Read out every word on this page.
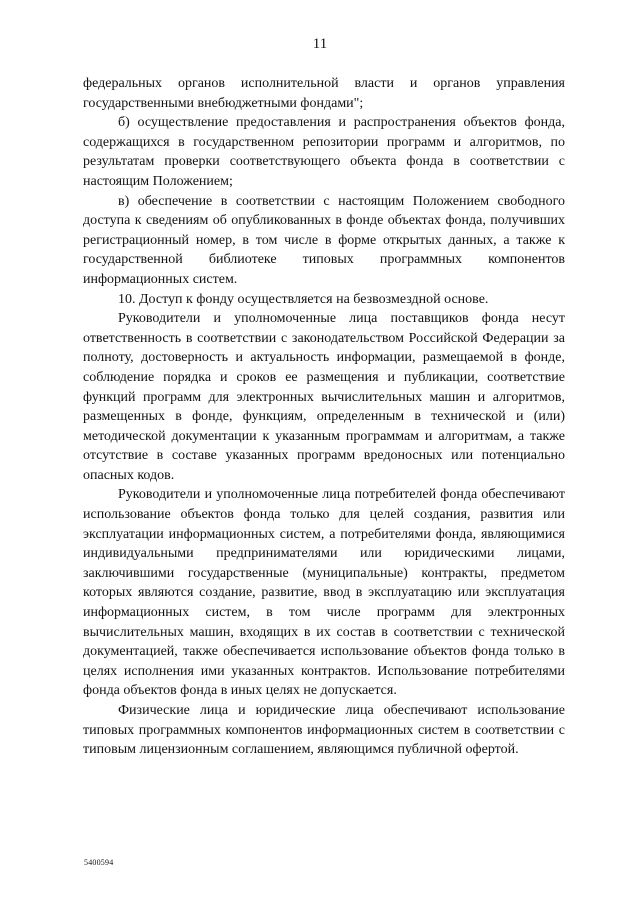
11

федеральных органов исполнительной власти и органов управления государственными внебюджетными фондами";

б) осуществление предоставления и распространения объектов фонда, содержащихся в государственном репозитории программ и алгоритмов, по результатам проверки соответствующего объекта фонда в соответствии с настоящим Положением;

в) обеспечение в соответствии с настоящим Положением свободного доступа к сведениям об опубликованных в фонде объектах фонда, получивших регистрационный номер, в том числе в форме открытых данных, а также к государственной библиотеке типовых программных компонентов информационных систем.

10. Доступ к фонду осуществляется на безвозмездной основе.

Руководители и уполномоченные лица поставщиков фонда несут ответственность в соответствии с законодательством Российской Федерации за полноту, достоверность и актуальность информации, размещаемой в фонде, соблюдение порядка и сроков ее размещения и публикации, соответствие функций программ для электронных вычислительных машин и алгоритмов, размещенных в фонде, функциям, определенным в технической и (или) методической документации к указанным программам и алгоритмам, а также отсутствие в составе указанных программ вредоносных или потенциально опасных кодов.

Руководители и уполномоченные лица потребителей фонда обеспечивают использование объектов фонда только для целей создания, развития или эксплуатации информационных систем, а потребителями фонда, являющимися индивидуальными предпринимателями или юридическими лицами, заключившими государственные (муниципальные) контракты, предметом которых являются создание, развитие, ввод в эксплуатацию или эксплуатация информационных систем, в том числе программ для электронных вычислительных машин, входящих в их состав в соответствии с технической документацией, также обеспечивается использование объектов фонда только в целях исполнения ими указанных контрактов. Использование потребителями фонда объектов фонда в иных целях не допускается.

Физические лица и юридические лица обеспечивают использование типовых программных компонентов информационных систем в соответствии с типовым лицензионным соглашением, являющимся публичной офертой.

5400594
